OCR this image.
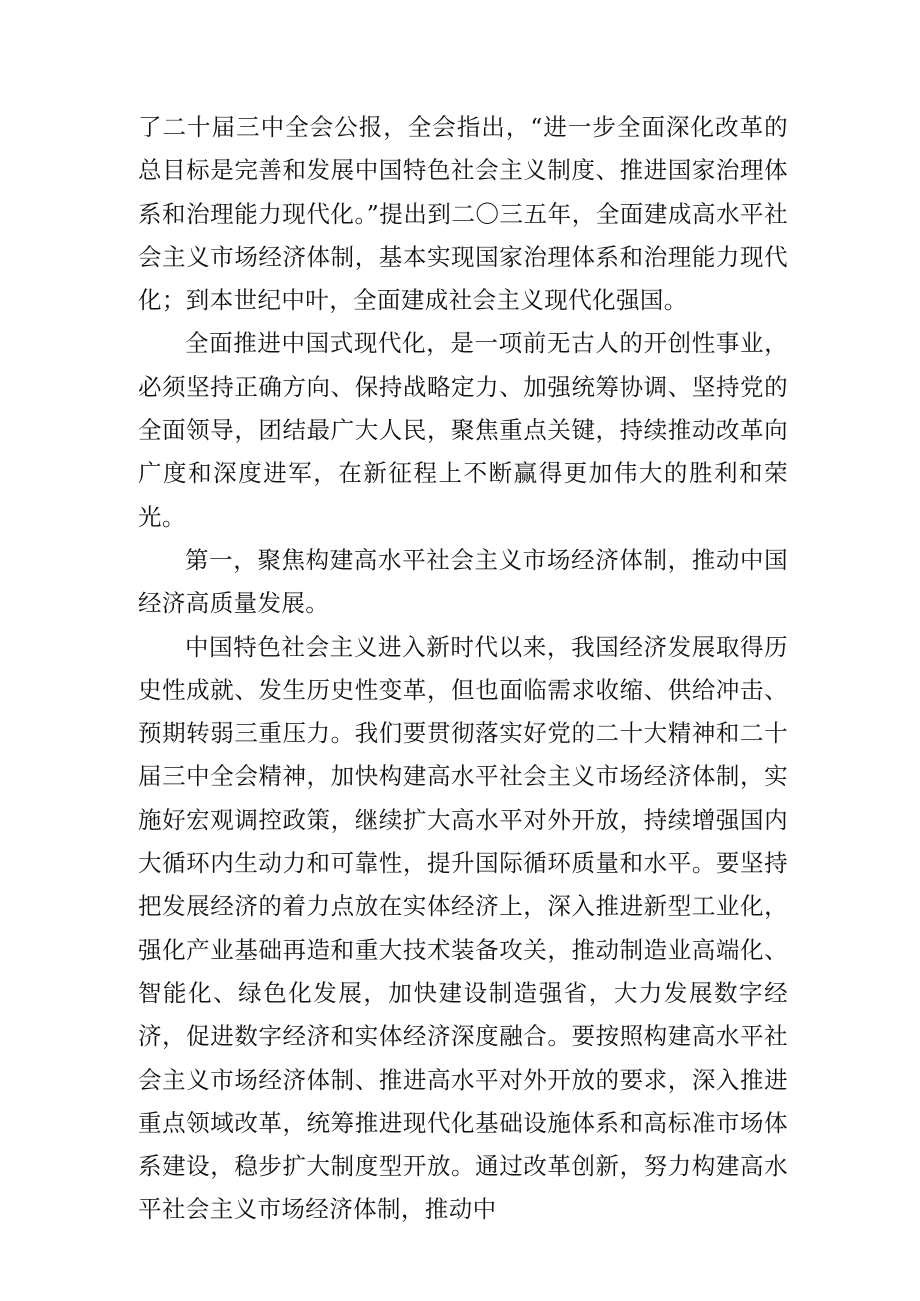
了二十届三中全会公报，全会指出，“进一步全面深化改革的总目标是完善和发展中国特色社会主义制度、推进国家治理体系和治理能力现代化。”提出到二〇三五年，全面建成高水平社会主义市场经济体制，基本实现国家治理体系和治理能力现代化；到本世纪中叶，全面建成社会主义现代化强国。

全面推进中国式现代化，是一项前无古人的开创性事业，必须坚持正确方向、保持战略定力、加强统筹协调、坚持党的全面领导，团结最广大人民，聚焦重点关键，持续推动改革向广度和深度进军，在新征程上不断赢得更加伟大的胜利和荣光。

第一，聚焦构建高水平社会主义市场经济体制，推动中国经济高质量发展。

中国特色社会主义进入新时代以来，我国经济发展取得历史性成就、发生历史性变革，但也面临需求收缩、供给冲击、预期转弱三重压力。我们要贯彻落实好党的二十大精神和二十届三中全会精神，加快构建高水平社会主义市场经济体制，实施好宏观调控政策，继续扩大高水平对外开放，持续增强国内大循环内生动力和可靠性，提升国际循环质量和水平。要坚持把发展经济的着力点放在实体经济上，深入推进新型工业化，强化产业基础再造和重大技术装备攻关，推动制造业高端化、智能化、绿色化发展，加快建设制造强省，大力发展数字经济，促进数字经济和实体经济深度融合。要按照构建高水平社会主义市场经济体制、推进高水平对外开放的要求，深入推进重点领域改革，统筹推进现代化基础设施体系和高标准市场体系建设，稳步扩大制度型开放。通过改革创新，努力构建高水平社会主义市场经济体制，推动中
